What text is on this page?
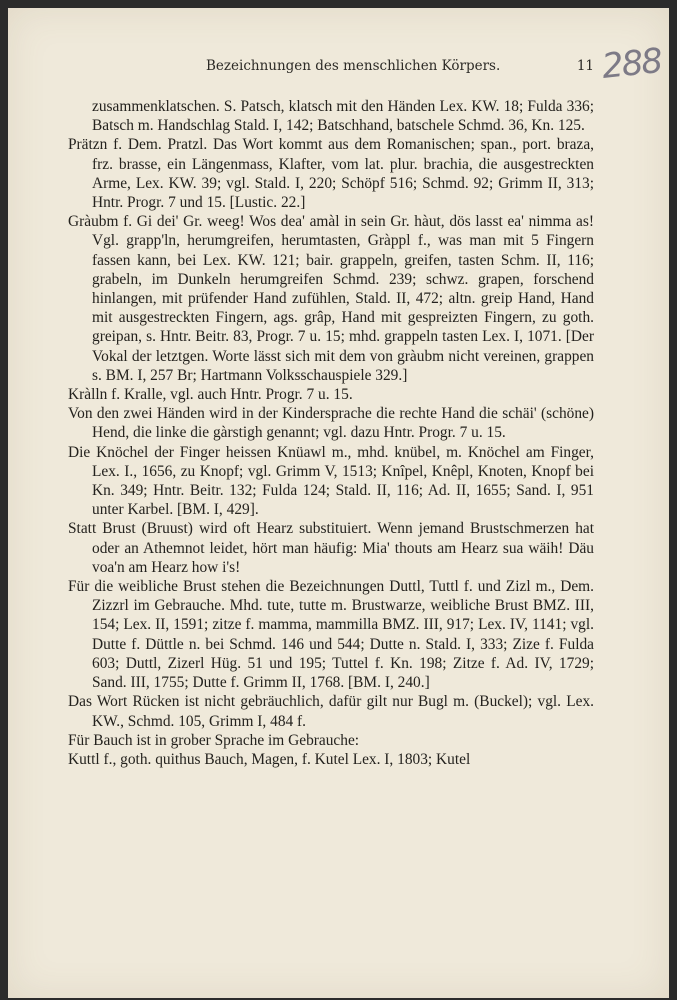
Bezeichnungen des menschlichen Körpers.	11 288

zusammenklatschen. S. Patsch, klatsch mit den Händen Lex. KW. 18; Fulda 336; Batsch m. Handschlag Stald. I, 142; Batschhand, batschele Schmd. 36, Kn. 125.

Prätzn f. Dem. Pratzl. Das Wort kommt aus dem Romanischen; span., port. braza, frz. brasse, ein Längenmass, Klafter, vom lat. plur. brachia, die ausgestreckten Arme, Lex. KW. 39; vgl. Stald. I, 220; Schöpf 516; Schmd. 92; Grimm II, 313; Hntr. Progr. 7 und 15. [Lustic. 22.]

Gràubm f. Gi dei' Gr. weeg! Wos dea' amàl in sein Gr. hàut, dös lasst ea' nimma as! Vgl. grapp'ln, herumgreifen, herumtasten, Gràppl f., was man mit 5 Fingern fassen kann, bei Lex. KW. 121; bair. grappeln, greifen, tasten Schm. II, 116; grabeln, im Dunkeln herumgreifen Schmd. 239; schwz. grapen, forschend hinlangen, mit prüfender Hand zufühlen, Stald. II, 472; altn. greip Hand, Hand mit ausgestreckten Fingern, ags. grâp, Hand mit gespreizten Fingern, zu goth. greipan, s. Hntr. Beitr. 83, Progr. 7 u. 15; mhd. grappeln tasten Lex. I, 1071. [Der Vokal der letztgen. Worte lässt sich mit dem von gràubm nicht vereinen, grappen s. BM. I, 257 Br; Hartmann Volksschauspiele 329.]

Kràlln f. Kralle, vgl. auch Hntr. Progr. 7 u. 15.

Von den zwei Händen wird in der Kindersprache die rechte Hand die schäi' (schöne) Hend, die linke die gàrstigh genannt; vgl. dazu Hntr. Progr. 7 u. 15.

Die Knöchel der Finger heissen Knüawl m., mhd. knübel, m. Knöchel am Finger, Lex. I., 1656, zu Knopf; vgl. Grimm V, 1513; Knîpel, Knêpl, Knoten, Knopf bei Kn. 349; Hntr. Beitr. 132; Fulda 124; Stald. II, 116; Ad. II, 1655; Sand. I, 951 unter Karbel. [BM. I, 429].

Statt Brust (Bruust) wird oft Hearz substituiert. Wenn jemand Brustschmerzen hat oder an Athemnot leidet, hört man häufig: Mia' thouts am Hearz sua wäih! Däu voa'n am Hearz how i's!

Für die weibliche Brust stehen die Bezeichnungen Duttl, Tuttl f. und Zizl m., Dem. Zizzrl im Gebrauche. Mhd. tute, tutte m. Brustwarze, weibliche Brust BMZ. III, 154; Lex. II, 1591; zitze f. mamma, mammilla BMZ. III, 917; Lex. IV, 1141; vgl. Dutte f. Düttle n. bei Schmd. 146 und 544; Dutte n. Stald. I, 333; Zize f. Fulda 603; Duttl, Zizerl Hüg. 51 und 195; Tuttel f. Kn. 198; Zitze f. Ad. IV, 1729; Sand. III, 1755; Dutte f. Grimm II, 1768. [BM. I, 240.]

Das Wort Rücken ist nicht gebräuchlich, dafür gilt nur Bugl m. (Buckel); vgl. Lex. KW., Schmd. 105, Grimm I, 484 f.

Für Bauch ist in grober Sprache im Gebrauche:

Kuttl f., goth. quithus Bauch, Magen, f. Kutel Lex. I, 1803; Kutel
